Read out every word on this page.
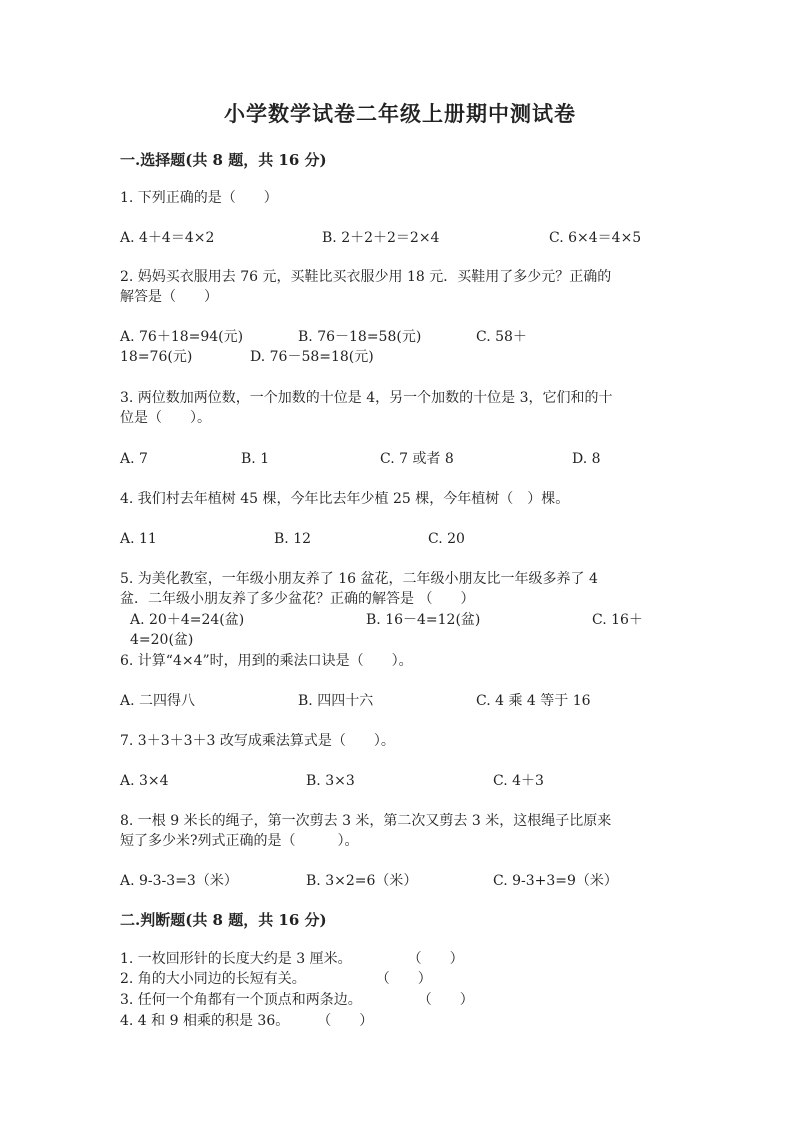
小学数学试卷二年级上册期中测试卷
一.选择题(共 8 题，共 16 分)
1. 下列正确的是（　　）
A. 4＋4＝4×2	B. 2＋2＋2＝2×4	C. 6×4＝4×5
2. 妈妈买衣服用去 76 元，买鞋比买衣服少用 18 元．买鞋用了多少元？正确的
解答是（　　）
A. 76＋18=94(元)	B. 76－18=58(元)	C. 58＋
18=76(元)	D. 76－58=18(元)
3. 两位数加两位数，一个加数的十位是 4，另一个加数的十位是 3，它们和的十
位是（　　）。
A. 7	B. 1	C. 7 或者 8	D. 8
4. 我们村去年植树 45 棵，今年比去年少植 25 棵，今年植树（　）棵。
A. 11	B. 12	C. 20
5. 为美化教室，一年级小朋友养了 16 盆花，二年级小朋友比一年级多养了 4
盆．二年级小朋友养了多少盆花？正确的解答是 （　　）
A. 20＋4=24(盆)	B. 16－4=12(盆)	C. 16＋
4=20(盆)
6. 计算“4×4”时，用到的乘法口诀是（　　）。
A. 二四得八	B. 四四十六	C. 4 乘 4 等于 16
7. 3＋3＋3＋3 改写成乘法算式是（　　）。
A. 3×4	B. 3×3	C. 4＋3
8. 一根 9 米长的绳子，第一次剪去 3 米，第二次又剪去 3 米，这根绳子比原来
短了多少米?列式正确的是（　　　）。
A. 9-3-3=3（米）	B. 3×2=6（米）	C. 9-3+3=9（米）
二.判断题(共 8 题，共 16 分)
1. 一枚回形针的长度大约是 3 厘米。　　　　　（　　）
2. 角的大小同边的长短有关。　　　　　　（　　）
3. 任何一个角都有一个顶点和两条边。　　　　　（　　）
4. 4 和 9 相乘的积是 36。　　　（　　）
